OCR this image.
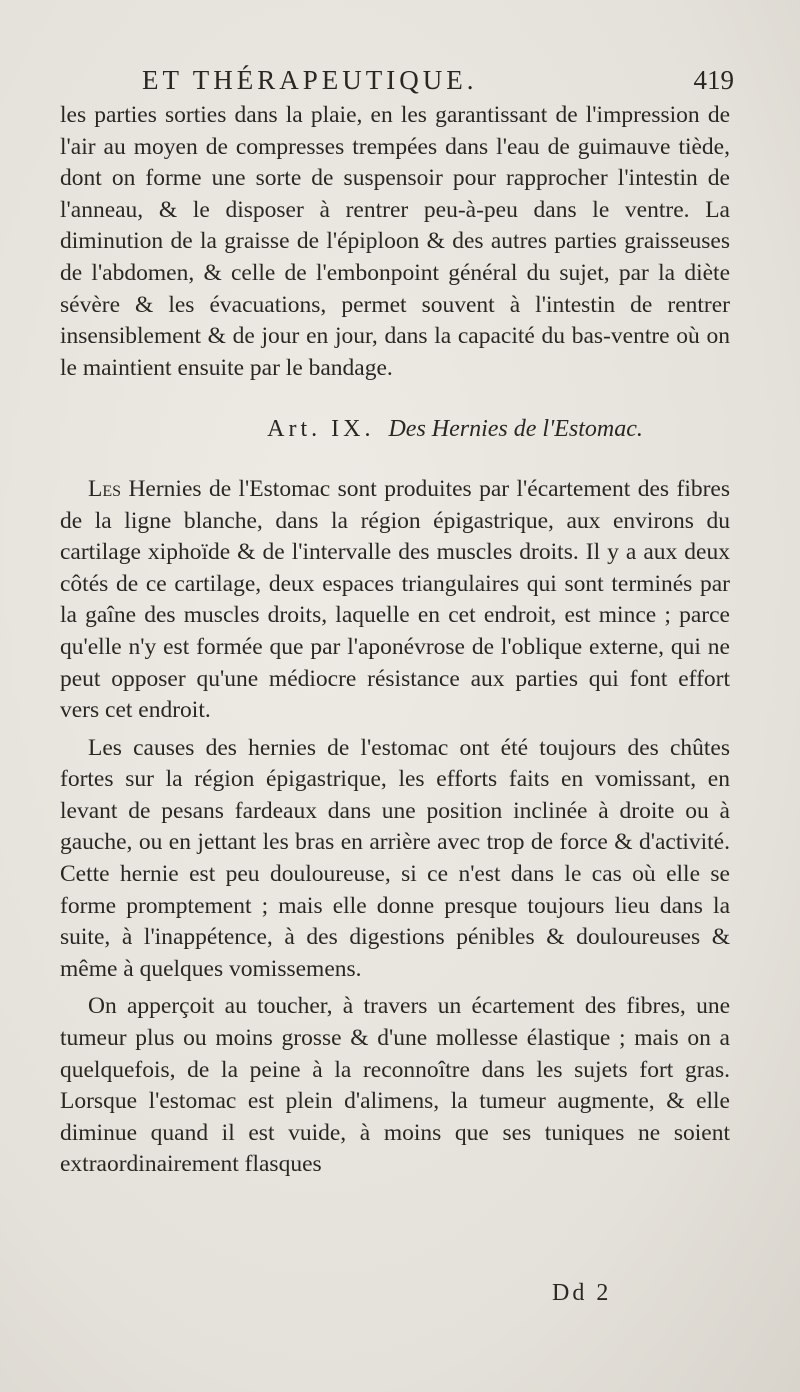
ET THÉRAPEUTIQUE.	419

les parties sorties dans la plaie, en les garantissant de l'impression de l'air au moyen de compresses trempées dans l'eau de guimauve tiède, dont on forme une sorte de suspensoir pour rapprocher l'intestin de l'anneau, & le disposer à rentrer peu-à-peu dans le ventre. La diminution de la graisse de l'épiploon & des autres parties graisseuses de l'abdomen, & celle de l'embonpoint général du sujet, par la diète sévère & les évacuations, permet souvent à l'intestin de rentrer insensiblement & de jour en jour, dans la capacité du bas-ventre où on le maintient ensuite par le bandage.

Art. IX. Des Hernies de l'Estomac.

Les Hernies de l'Estomac sont produites par l'écartement des fibres de la ligne blanche, dans la région épigastrique, aux environs du cartilage xiphoïde & de l'intervalle des muscles droits. Il y a aux deux côtés de ce cartilage, deux espaces triangulaires qui sont terminés par la gaîne des muscles droits, laquelle en cet endroit, est mince ; parce qu'elle n'y est formée que par l'aponévrose de l'oblique externe, qui ne peut opposer qu'une médiocre résistance aux parties qui font effort vers cet endroit.

Les causes des hernies de l'estomac ont été toujours des chûtes fortes sur la région épigastrique, les efforts faits en vomissant, en levant de pesans fardeaux dans une position inclinée à droite ou à gauche, ou en jettant les bras en arrière avec trop de force & d'activité. Cette hernie est peu douloureuse, si ce n'est dans le cas où elle se forme promptement ; mais elle donne presque toujours lieu dans la suite, à l'inappétence, à des digestions pénibles & douloureuses & même à quelques vomissemens.

On apperçoit au toucher, à travers un écartement des fibres, une tumeur plus ou moins grosse & d'une mollesse élastique ; mais on a quelquefois, de la peine à la reconnoître dans les sujets fort gras. Lorsque l'estomac est plein d'alimens, la tumeur augmente, & elle diminue quand il est vuide, à moins que ses tuniques ne soient extraordinairement flasques

Dd 2
